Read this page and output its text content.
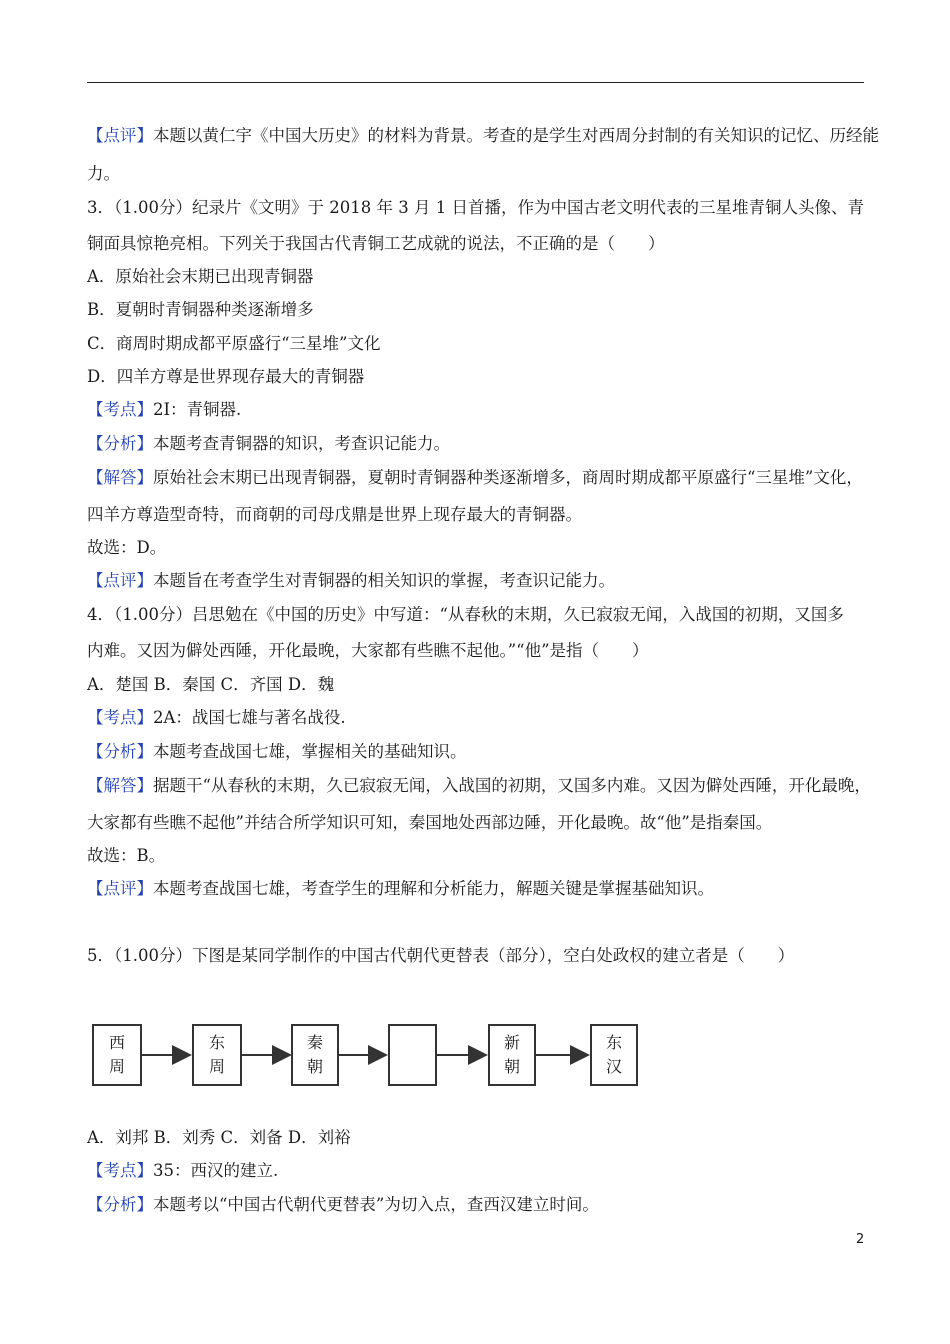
【点评】本题以黄仁宇《中国大历史》的材料为背景。考查的是学生对西周分封制的有关知识的记忆、历经能
力。
3．（1.00分）纪录片《文明》于 2018 年 3 月 1 日首播，作为中国古老文明代表的三星堆青铜人头像、青
铜面具惊艳亮相。下列关于我国古代青铜工艺成就的说法，不正确的是（　　）
A．原始社会末期已出现青铜器
B．夏朝时青铜器种类逐渐增多
C．商周时期成都平原盛行“三星堆”文化
D．四羊方尊是世界现存最大的青铜器
【考点】2I：青铜器.
【分析】本题考查青铜器的知识，考查识记能力。
【解答】原始社会末期已出现青铜器，夏朝时青铜器种类逐渐增多，商周时期成都平原盛行“三星堆”文化，
四羊方尊造型奇特，而商朝的司母戊鼎是世界上现存最大的青铜器。
故选：D。
【点评】本题旨在考查学生对青铜器的相关知识的掌握，考查识记能力。
4．（1.00分）吕思勉在《中国的历史》中写道：“从春秋的末期，久已寂寂无闻，入战国的初期，又国多
内难。又因为僻处西陲，开化最晚，大家都有些瞧不起他。”“他”是指（　　）
A．楚国 B．秦国 C．齐国 D．魏
【考点】2A：战国七雄与著名战役.
【分析】本题考查战国七雄，掌握相关的基础知识。
【解答】据题干“从春秋的末期，久已寂寂无闻，入战国的初期，又国多内难。又因为僻处西陲，开化最晚，
大家都有些瞧不起他”并结合所学知识可知，秦国地处西部边陲，开化最晚。故“他”是指秦国。
故选：B。
【点评】本题考查战国七雄，考查学生的理解和分析能力，解题关键是掌握基础知识。
5．（1.00分）下图是某同学制作的中国古代朝代更替表（部分），空白处政权的建立者是（　　）
A．刘邦 B．刘秀 C．刘备 D．刘裕
【考点】35：西汉的建立.
【分析】本题考以“中国古代朝代更替表”为切入点，查西汉建立时间。
西
周
东
周
秦
朝
新
朝
东
汉
2
